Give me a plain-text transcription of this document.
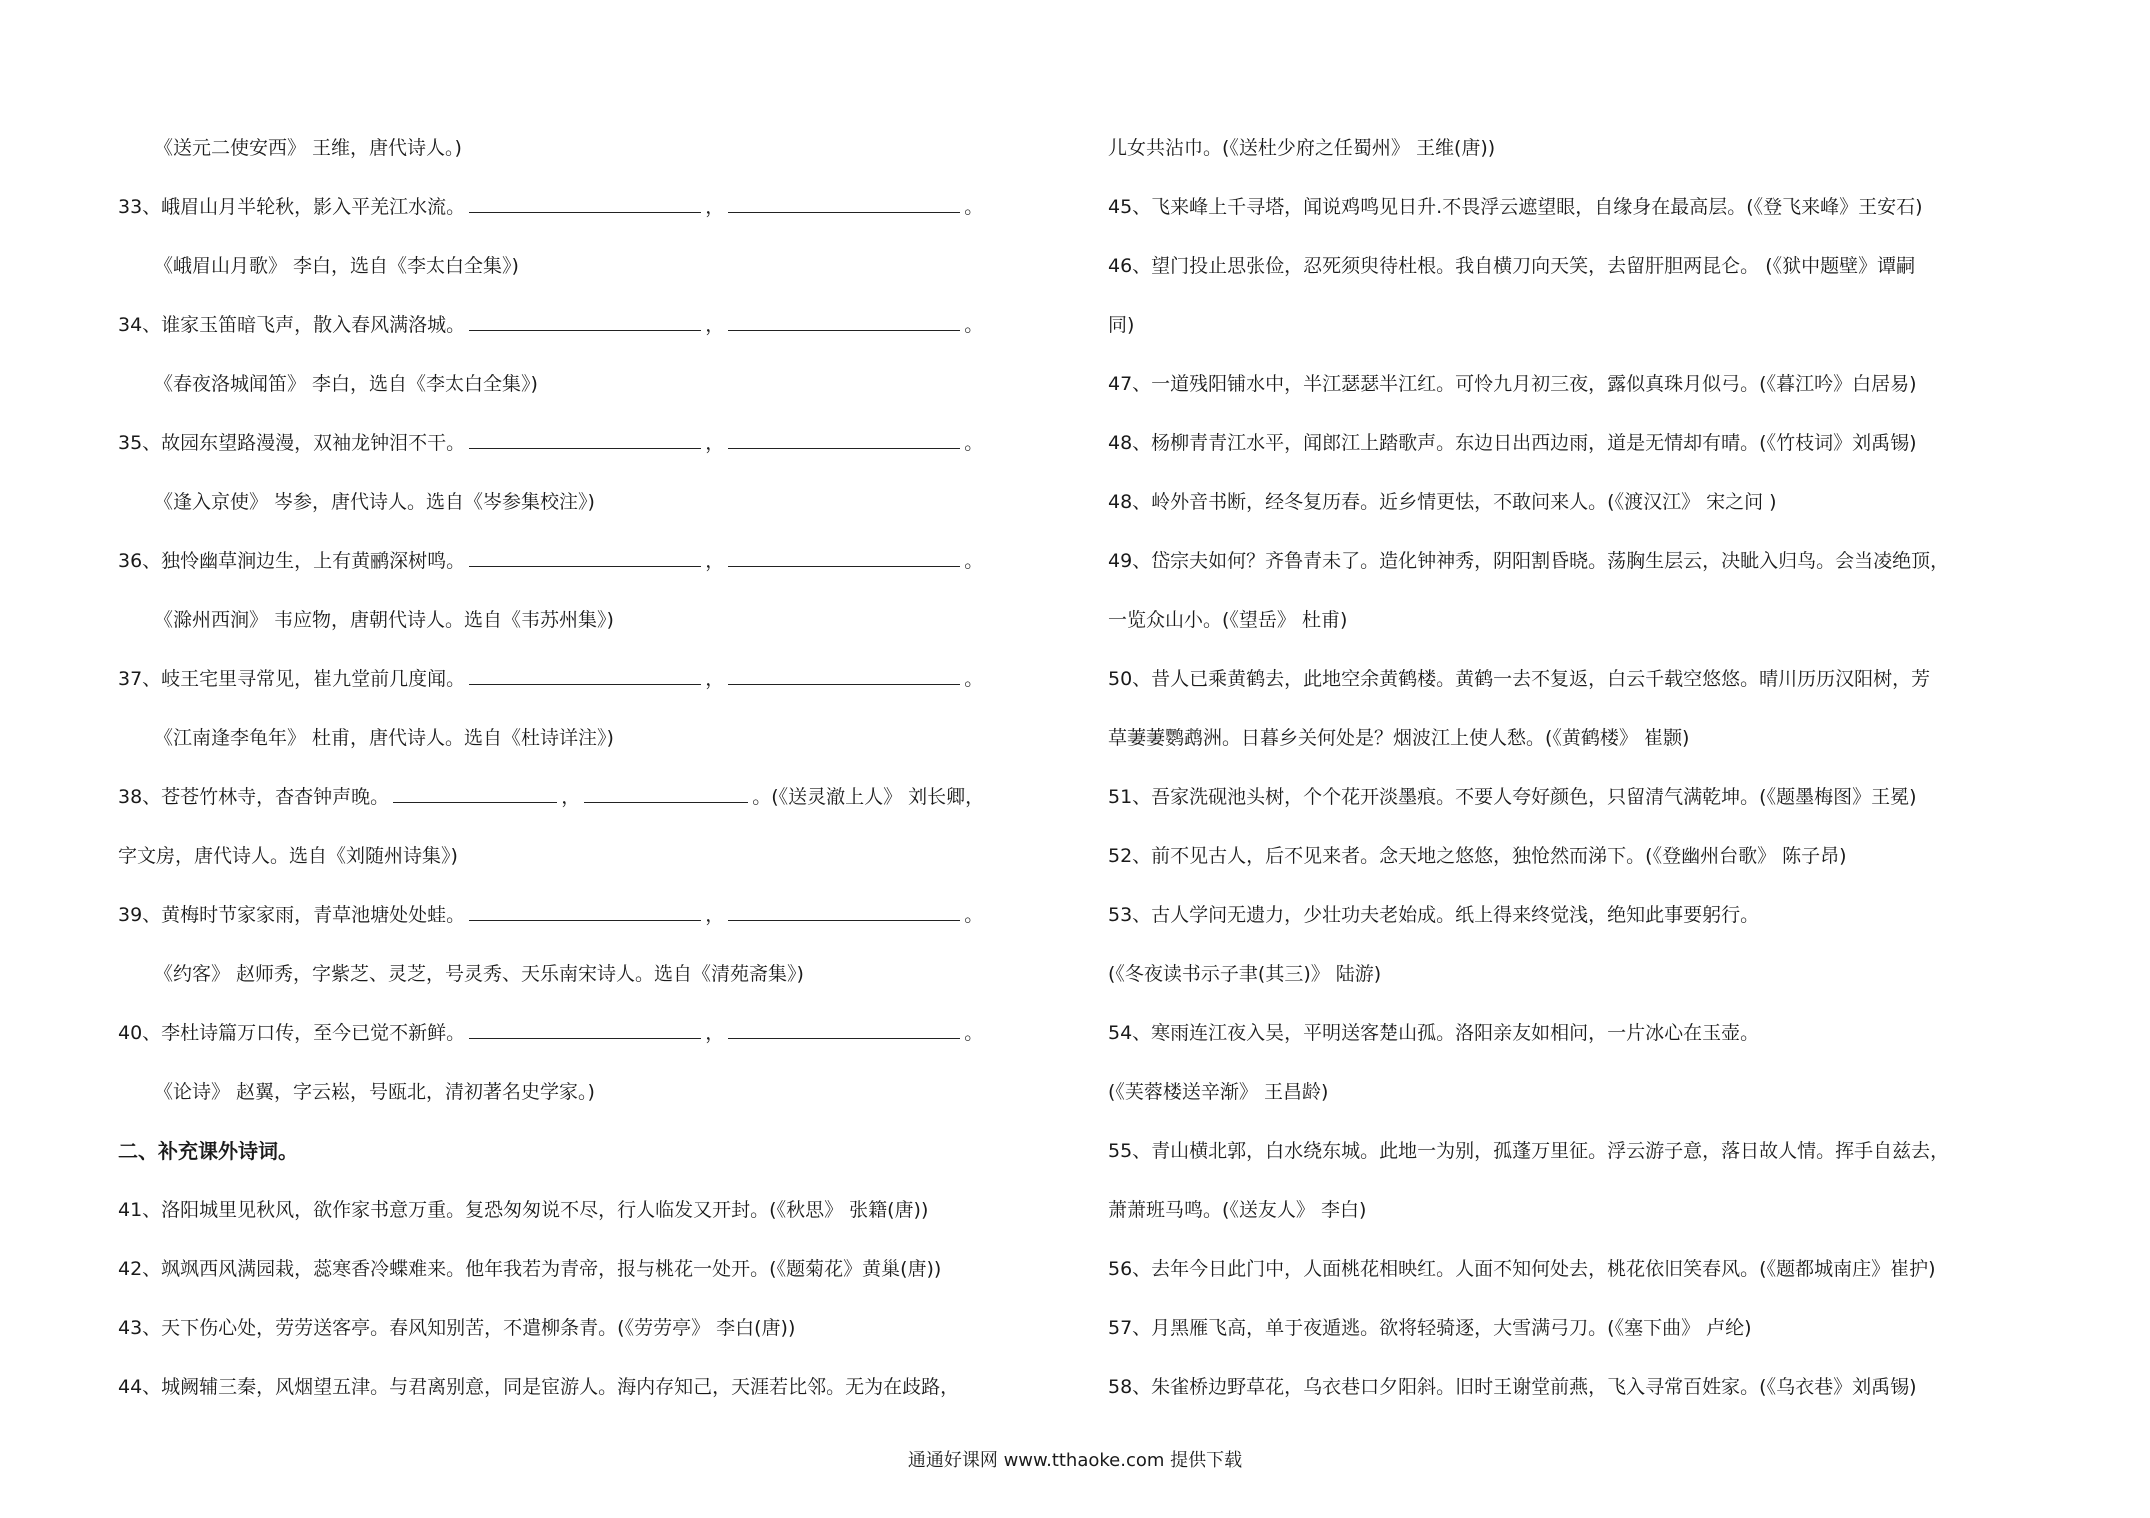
《送元二使安西》 王维，唐代诗人。)
33、峨眉山月半轮秋，影入平羌江水流。	，	。
《峨眉山月歌》 李白，选自《李太白全集》)
34、谁家玉笛暗飞声，散入春风满洛城。	，	。
《春夜洛城闻笛》 李白，选自《李太白全集》)
35、故园东望路漫漫，双袖龙钟泪不干。	，	。
《逢入京使》 岑参，唐代诗人。选自《岑参集校注》)
36、独怜幽草涧边生，上有黄鹂深树鸣。	，	。
《滁州西涧》 韦应物，唐朝代诗人。选自《韦苏州集》)
37、岐王宅里寻常见，崔九堂前几度闻。	，	。
《江南逢李龟年》 杜甫，唐代诗人。选自《杜诗详注》)
38、苍苍竹林寺，杳杳钟声晚。	，	。(《送灵澈上人》 刘长卿，
字文房，唐代诗人。选自《刘随州诗集》)
39、黄梅时节家家雨，青草池塘处处蛙。	，	。
《约客》 赵师秀，字紫芝、灵芝，号灵秀、天乐南宋诗人。选自《清苑斋集》)
40、李杜诗篇万口传，至今已觉不新鲜。	，	。
《论诗》 赵翼，字云崧，号瓯北，清初著名史学家。)
二、补充课外诗词。
41、洛阳城里见秋风，欲作家书意万重。复恐匆匆说不尽，行人临发又开封。(《秋思》 张籍(唐))
42、飒飒西风满园栽，蕊寒香冷蝶难来。他年我若为青帝，报与桃花一处开。(《题菊花》黄巢(唐))
43、天下伤心处，劳劳送客亭。春风知别苦，不遣柳条青。(《劳劳亭》 李白(唐))
44、城阙辅三秦，风烟望五津。与君离别意，同是宦游人。海内存知己，天涯若比邻。无为在歧路，
儿女共沾巾。(《送杜少府之任蜀州》 王维(唐))
45、飞来峰上千寻塔，闻说鸡鸣见日升.不畏浮云遮望眼，自缘身在最高层。(《登飞来峰》王安石)
46、望门投止思张俭，忍死须臾待杜根。我自横刀向天笑，去留肝胆两昆仑。 (《狱中题壁》谭嗣
同)
47、一道残阳铺水中，半江瑟瑟半江红。可怜九月初三夜，露似真珠月似弓。(《暮江吟》白居易)
48、杨柳青青江水平，闻郎江上踏歌声。东边日出西边雨，道是无情却有晴。(《竹枝词》刘禹锡)
48、岭外音书断，经冬复历春。近乡情更怯，不敢问来人。(《渡汉江》 宋之问 )
49、岱宗夫如何？齐鲁青未了。造化钟神秀，阴阳割昏晓。荡胸生层云，决眦入归鸟。会当凌绝顶，
一览众山小。(《望岳》 杜甫)
50、昔人已乘黄鹤去，此地空余黄鹤楼。黄鹤一去不复返，白云千载空悠悠。晴川历历汉阳树，芳
草萋萋鹦鹉洲。日暮乡关何处是？烟波江上使人愁。(《黄鹤楼》 崔颢)
51、吾家洗砚池头树，个个花开淡墨痕。不要人夸好颜色，只留清气满乾坤。(《题墨梅图》王冕)
52、前不见古人，后不见来者。念天地之悠悠，独怆然而涕下。(《登幽州台歌》 陈子昂)
53、古人学问无遗力，少壮功夫老始成。纸上得来终觉浅，绝知此事要躬行。
(《冬夜读书示子聿(其三)》 陆游)
54、寒雨连江夜入吴，平明送客楚山孤。洛阳亲友如相问，一片冰心在玉壶。
(《芙蓉楼送辛渐》 王昌龄)
55、青山横北郭，白水绕东城。此地一为别，孤蓬万里征。浮云游子意，落日故人情。挥手自兹去，
萧萧班马鸣。(《送友人》 李白)
56、去年今日此门中，人面桃花相映红。人面不知何处去，桃花依旧笑春风。(《题都城南庄》崔护)
57、月黑雁飞高，单于夜遁逃。欲将轻骑逐，大雪满弓刀。(《塞下曲》 卢纶)
58、朱雀桥边野草花，乌衣巷口夕阳斜。旧时王谢堂前燕，飞入寻常百姓家。(《乌衣巷》刘禹锡)
通通好课网 www.tthaoke.com 提供下载
